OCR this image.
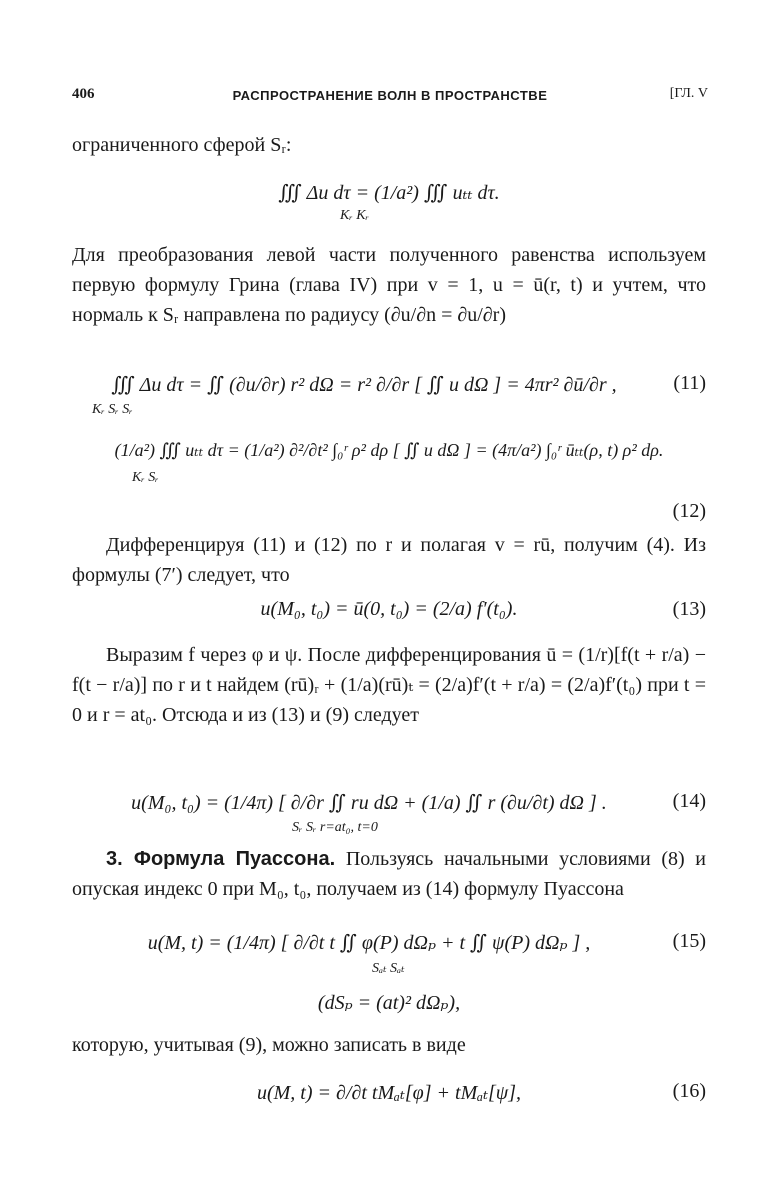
406	РАСПРОСТРАНЕНИЕ ВОЛН В ПРОСТРАНСТВЕ	[ГЛ. V
ограниченного сферой Sᵣ:
∭ Δu dτ = (1/a²) ∭ uₜₜ dτ.
Kᵣ Kᵣ
Для преобразования левой части полученного равенства используем первую формулу Грина (глава IV) при v = 1, u = ū(r, t) и учтем, что нормаль к Sᵣ направлена по радиусу (∂u/∂n = ∂u/∂r)
∭ Δu dτ = ∬ (∂u/∂r) r² dΩ = r² ∂/∂r [ ∬ u dΩ ] = 4πr² ∂ū/∂r ,
Kᵣ Sᵣ Sᵣ
(11)
(1/a²) ∭ uₜₜ dτ = (1/a²) ∂²/∂t² ∫₀ʳ ρ² dρ [ ∬ u dΩ ] = (4π/a²) ∫₀ʳ ūₜₜ(ρ, t) ρ² dρ.
Kᵣ Sᵣ
(12)
Дифференцируя (11) и (12) по r и полагая v = rū, получим (4). Из формулы (7′) следует, что
u(M₀, t₀) = ū(0, t₀) = (2/a) f′(t₀).	(13)
Выразим f через φ и ψ. После дифференцирования ū = (1/r)[f(t + r/a) − f(t − r/a)] по r и t найдем (rū)ᵣ + (1/a)(rū)ₜ = (2/a)f′(t + r/a) = (2/a)f′(t₀) при t = 0 и r = at₀. Отсюда и из (13) и (9) следует
u(M₀, t₀) = (1/4π) [ ∂/∂r ∬ ru dΩ + (1/a) ∬ r (∂u/∂t) dΩ ] .
Sᵣ Sᵣ r=at₀, t=0
(14)
3. Формула Пуассона. Пользуясь начальными условиями (8) и опуская индекс 0 при M₀, t₀, получаем из (14) формулу Пуассона
u(M, t) = (1/4π) [ ∂/∂t t ∬ φ(P) dΩₚ + t ∬ ψ(P) dΩₚ ] ,
Sₐₜ Sₐₜ
(15)
(dSₚ = (at)² dΩₚ),
которую, учитывая (9), можно записать в виде
u(M, t) = ∂/∂t tMₐₜ[φ] + tMₐₜ[ψ],	(16)
